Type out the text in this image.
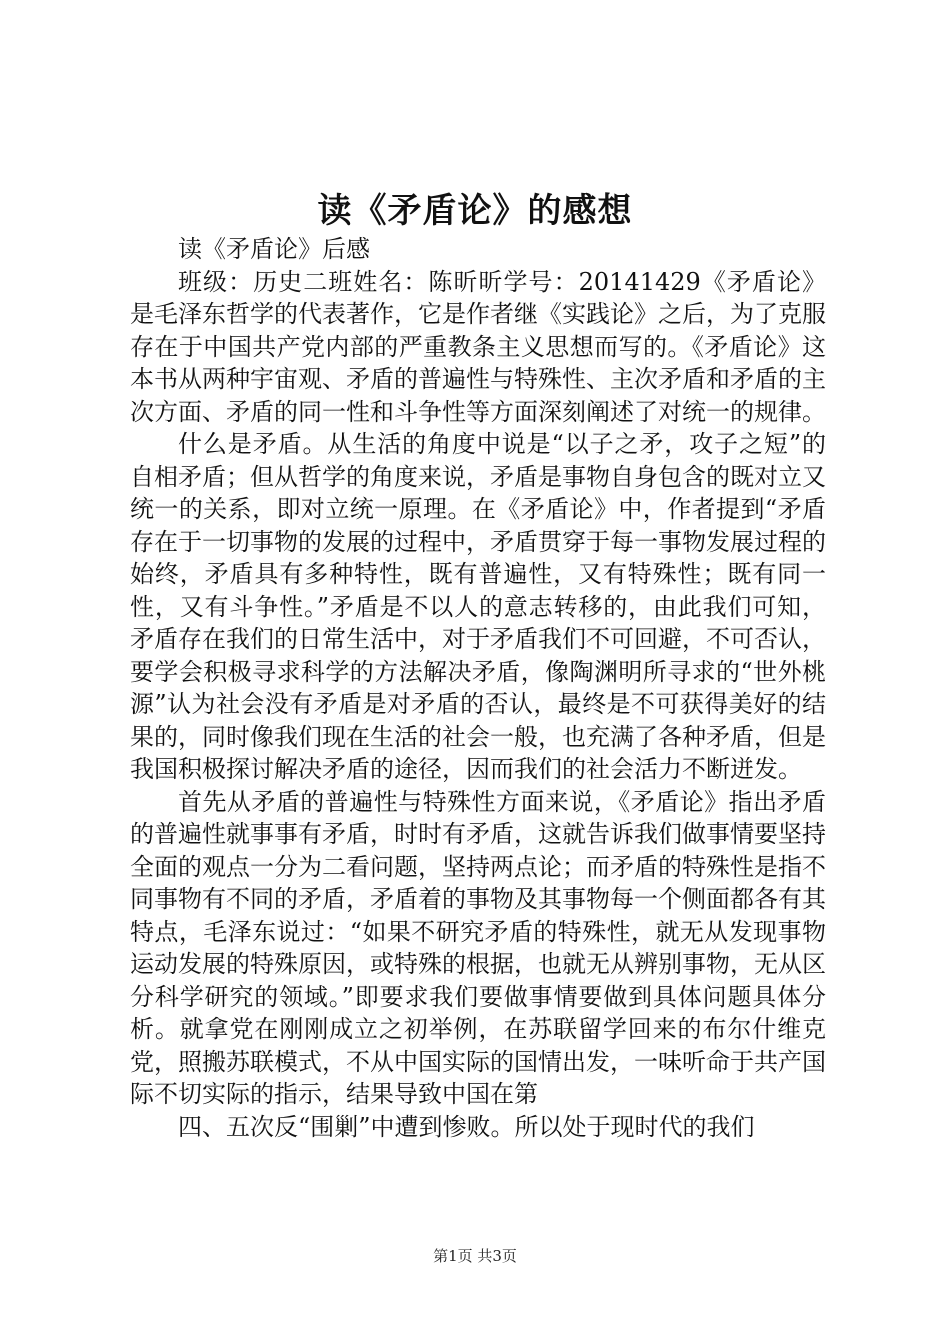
读《矛盾论》的感想

读《矛盾论》后感

班级：历史二班姓名：陈昕昕学号：20141429《矛盾论》是毛泽东哲学的代表著作，它是作者继《实践论》之后，为了克服存在于中国共产党内部的严重教条主义思想而写的。《矛盾论》这本书从两种宇宙观、矛盾的普遍性与特殊性、主次矛盾和矛盾的主次方面、矛盾的同一性和斗争性等方面深刻阐述了对统一的规律。

什么是矛盾。从生活的角度中说是“以子之矛，攻子之短”的自相矛盾；但从哲学的角度来说，矛盾是事物自身包含的既对立又统一的关系，即对立统一原理。在《矛盾论》中，作者提到“矛盾存在于一切事物的发展的过程中，矛盾贯穿于每一事物发展过程的始终，矛盾具有多种特性，既有普遍性，又有特殊性；既有同一性，又有斗争性。”矛盾是不以人的意志转移的，由此我们可知，矛盾存在我们的日常生活中，对于矛盾我们不可回避，不可否认，要学会积极寻求科学的方法解决矛盾，像陶渊明所寻求的“世外桃源”认为社会没有矛盾是对矛盾的否认，最终是不可获得美好的结果的，同时像我们现在生活的社会一般，也充满了各种矛盾，但是我国积极探讨解决矛盾的途径，因而我们的社会活力不断迸发。

首先从矛盾的普遍性与特殊性方面来说，《矛盾论》指出矛盾的普遍性就事事有矛盾，时时有矛盾，这就告诉我们做事情要坚持全面的观点一分为二看问题，坚持两点论；而矛盾的特殊性是指不同事物有不同的矛盾，矛盾着的事物及其事物每一个侧面都各有其特点，毛泽东说过：“如果不研究矛盾的特殊性，就无从发现事物运动发展的特殊原因，或特殊的根据，也就无从辨别事物，无从区分科学研究的领域。”即要求我们要做事情要做到具体问题具体分析。就拿党在刚刚成立之初举例，在苏联留学回来的布尔什维克党，照搬苏联模式，不从中国实际的国情出发，一味听命于共产国际不切实际的指示，结果导致中国在第

四、五次反“围剿”中遭到惨败。所以处于现时代的我们

第1页 共3页
